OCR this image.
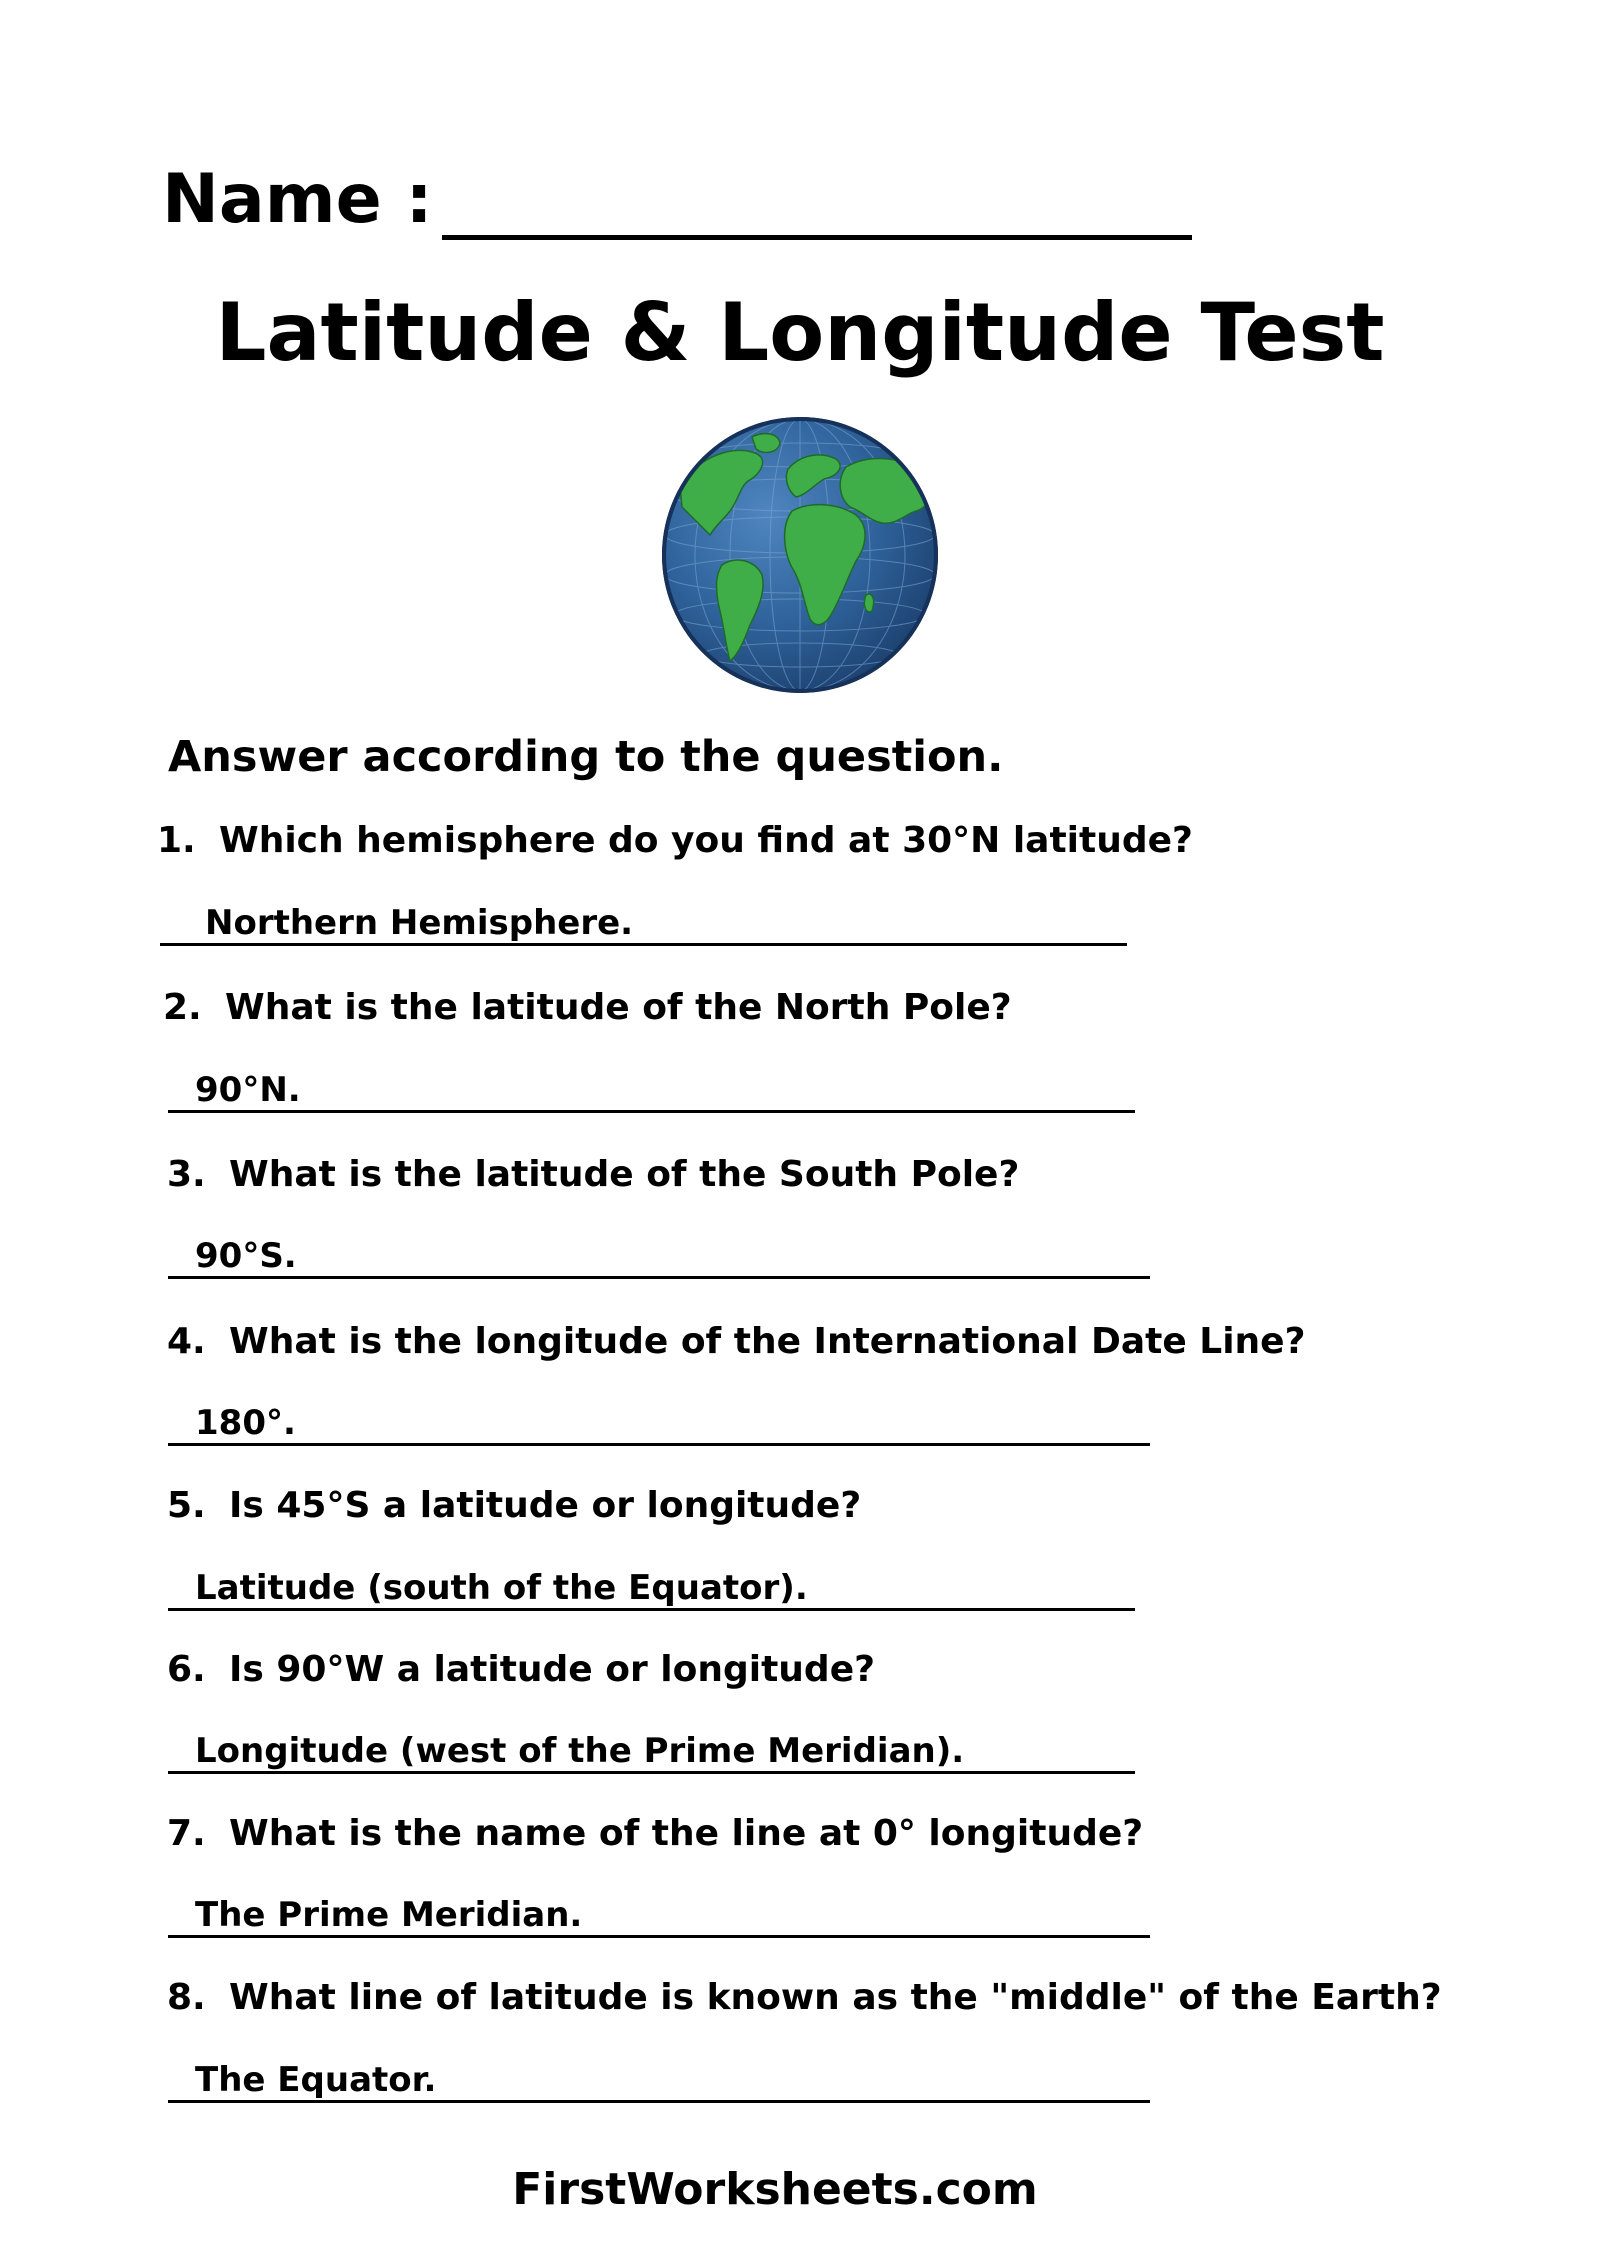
Name :
Latitude & Longitude Test
Answer according to the question.
1. Which hemisphere do you find at 30°N latitude?
Northern Hemisphere.
2. What is the latitude of the North Pole?
90°N.
3. What is the latitude of the South Pole?
90°S.
4. What is the longitude of the International Date Line?
180°.
5. Is 45°S a latitude or longitude?
Latitude (south of the Equator).
6. Is 90°W a latitude or longitude?
Longitude (west of the Prime Meridian).
7. What is the name of the line at 0° longitude?
The Prime Meridian.
8. What line of latitude is known as the "middle" of the Earth?
The Equator.
FirstWorksheets.com
